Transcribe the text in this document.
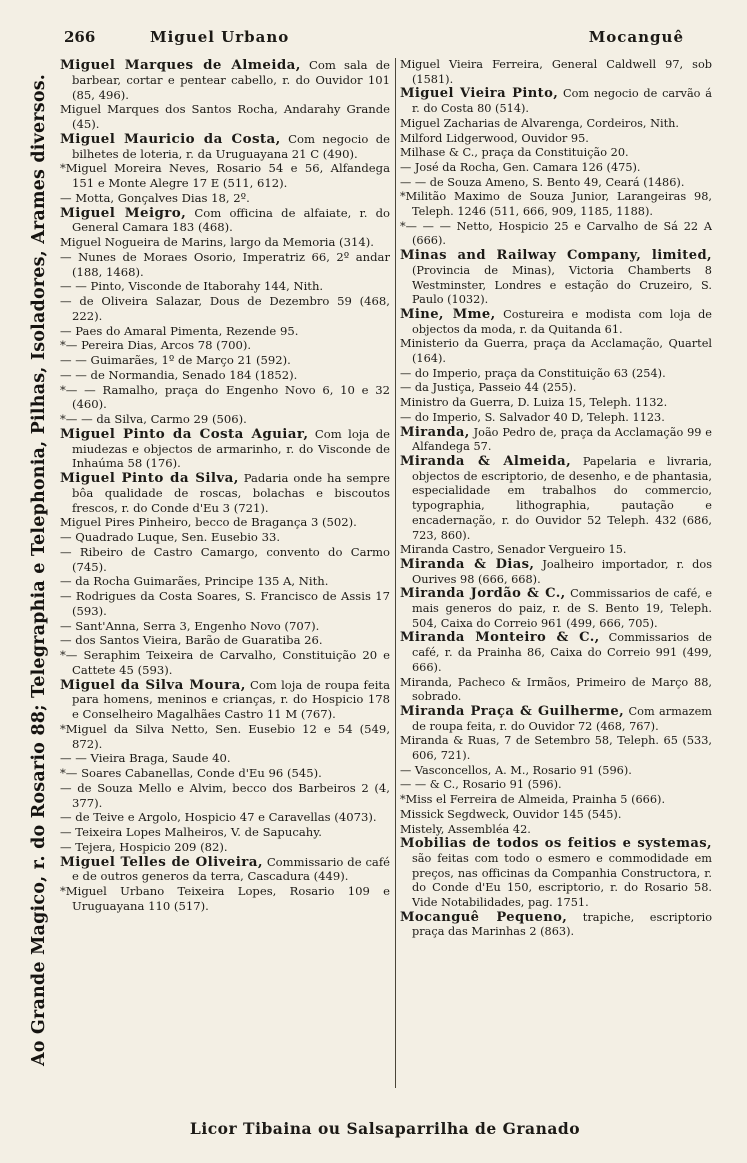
Ao Grande Magico, r. do Rosario 88; Telegraphia e Telephonia, Pilhas, Isoladores, Arames diversos.
266	Miguel Urbano	Mocanguê
Miguel Marques de Almeida, Com sala de barbear, cortar e pentear cabello, r. do Ouvidor 101 (85, 496).
Miguel Marques dos Santos Rocha, Andarahy Grande (45).
Miguel Mauricio da Costa, Com negocio de bilhetes de loteria, r. da Uruguayana 21 C (490).
*Miguel Moreira Neves, Rosario 54 e 56, Alfandega 151 e Monte Alegre 17 E (511, 612).
— Motta, Gonçalves Dias 18, 2º.
Miguel Meigro, Com officina de alfaiate, r. do General Camara 183 (468).
Miguel Nogueira de Marins, largo da Memoria (314).
— Nunes de Moraes Osorio, Imperatriz 66, 2º andar (188, 1468).
— — Pinto, Visconde de Itaborahy 144, Nith.
— de Oliveira Salazar, Dous de Dezembro 59 (468, 222).
— Paes do Amaral Pimenta, Rezende 95.
*— Pereira Dias, Arcos 78 (700).
— — Guimarães, 1º de Março 21 (592).
— — de Normandia, Senado 184 (1852).
*— — Ramalho, praça do Engenho Novo 6, 10 e 32 (460).
*— — da Silva, Carmo 29 (506).
Miguel Pinto da Costa Aguiar, Com loja de miudezas e objectos de armarinho, r. do Visconde de Inhaúma 58 (176).
Miguel Pinto da Silva, Padaria onde ha sempre bôa qualidade de roscas, bolachas e biscoutos frescos, r. do Conde d'Eu 3 (721).
Miguel Pires Pinheiro, becco de Bragança 3 (502).
— Quadrado Luque, Sen. Eusebio 33.
— Ribeiro de Castro Camargo, convento do Carmo (745).
— da Rocha Guimarães, Principe 135 A, Nith.
— Rodrigues da Costa Soares, S. Francisco de Assis 17 (593).
— Sant'Anna, Serra 3, Engenho Novo (707).
— dos Santos Vieira, Barão de Guaratiba 26.
*— Seraphim Teixeira de Carvalho, Constituição 20 e Cattete 45 (593).
Miguel da Silva Moura, Com loja de roupa feita para homens, meninos e crianças, r. do Hospicio 178 e Conselheiro Magalhães Castro 11 M (767).
*Miguel da Silva Netto, Sen. Eusebio 12 e 54 (549, 872).
— — Vieira Braga, Saude 40.
*— Soares Cabanellas, Conde d'Eu 96 (545).
— de Souza Mello e Alvim, becco dos Barbeiros 2 (4, 377).
— de Teive e Argolo, Hospicio 47 e Caravellas (4073).
— Teixeira Lopes Malheiros, V. de Sapucahy.
— Tejera, Hospicio 209 (82).
Miguel Telles de Oliveira, Commissario de café e de outros generos da terra, Cascadura (449).
*Miguel Urbano Teixeira Lopes, Rosario 109 e Uruguayana 110 (517).
Miguel Vieira Ferreira, General Caldwell 97, sob (1581).
Miguel Vieira Pinto, Com negocio de carvão á r. do Costa 80 (514).
Miguel Zacharias de Alvarenga, Cordeiros, Nith.
Milford Lidgerwood, Ouvidor 95.
Milhase & C., praça da Constituição 20.
— José da Rocha, Gen. Camara 126 (475).
— — de Souza Ameno, S. Bento 49, Ceará (1486).
*Militão Maximo de Souza Junior, Larangeiras 98, Teleph. 1246 (511, 666, 909, 1185, 1188).
*— — — Netto, Hospicio 25 e Carvalho de Sá 22 A (666).
Minas and Railway Company, limited, (Provincia de Minas), Victoria Chamberts 8 Westminster, Londres e estação do Cruzeiro, S. Paulo (1032).
Mine, Mme, Costureira e modista com loja de objectos da moda, r. da Quitanda 61.
Ministerio da Guerra, praça da Acclamação, Quartel (164).
— do Imperio, praça da Constituição 63 (254).
— da Justiça, Passeio 44 (255).
Ministro da Guerra, D. Luiza 15, Teleph. 1132.
— do Imperio, S. Salvador 40 D, Teleph. 1123.
Miranda, João Pedro de, praça da Acclamação 99 e Alfandega 57.
Miranda & Almeida, Papelaria e livraria, objectos de escriptorio, de desenho, e de phantasia, especialidade em trabalhos do commercio, typographia, lithographia, pautação e encadernação, r. do Ouvidor 52 Teleph. 432 (686, 723, 860).
Miranda Castro, Senador Vergueiro 15.
Miranda & Dias, Joalheiro importador, r. dos Ourives 98 (666, 668).
Miranda Jordão & C., Commissarios de café, e mais generos do paiz, r. de S. Bento 19, Teleph. 504, Caixa do Correio 961 (499, 666, 705).
Miranda Monteiro & C., Commissarios de café, r. da Prainha 86, Caixa do Correio 991 (499, 666).
Miranda, Pacheco & Irmãos, Primeiro de Março 88, sobrado.
Miranda Praça & Guilherme, Com armazem de roupa feita, r. do Ouvidor 72 (468, 767).
Miranda & Ruas, 7 de Setembro 58, Teleph. 65 (533, 606, 721).
— Vasconcellos, A. M., Rosario 91 (596).
— — & C., Rosario 91 (596).
*Miss el Ferreira de Almeida, Prainha 5 (666).
Missick Segdweck, Ouvidor 145 (545).
Mistely, Assembléa 42.
Mobilias de todos os feitios e systemas, são feitas com todo o esmero e commodidade em preços, nas officinas da Companhia Constructora, r. do Conde d'Eu 150, escriptorio, r. do Rosario 58. Vide Notabilidades, pag. 1751.
Mocanguê Pequeno, trapiche, escriptorio praça das Marinhas 2 (863).
Licor Tibaina ou Salsaparrilha de Granado
